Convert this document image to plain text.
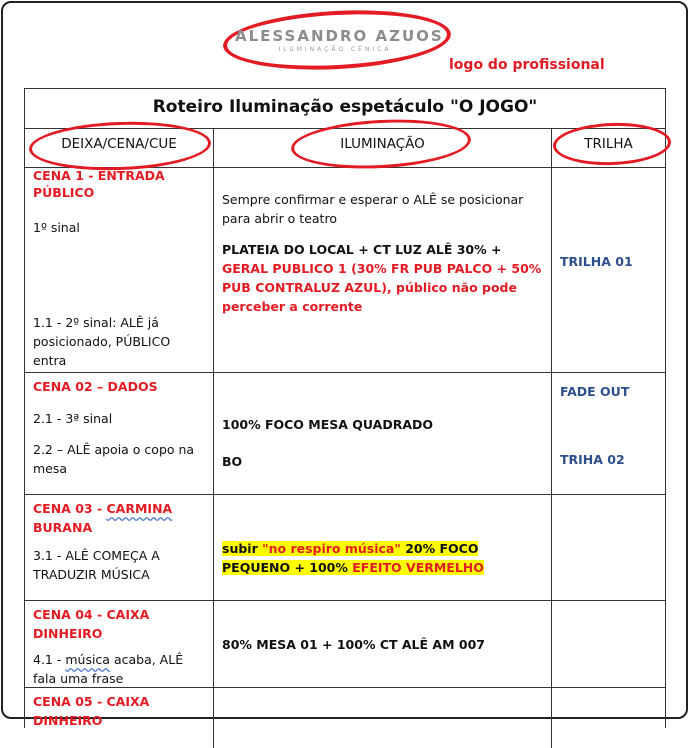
ALESSANDRO AZUOS
ILUMINAÇÃO CÊNICA
logo do profissional
Roteiro Iluminação espetáculo "O JOGO"
DEIXA/CENA/CUE	ILUMINAÇÃO	TRILHA
CENA 1 - ENTRADA PÚBLICO
1º sinal
1.1 - 2º sinal: ALÊ já posicionado, PÚBLICO entra
Sempre confirmar e esperar o ALÊ se posicionar para abrir o teatro
PLATEIA DO LOCAL + CT LUZ ALÊ 30% + GERAL PUBLICO 1 (30% FR PUB PALCO + 50% PUB CONTRALUZ AZUL), público não pode perceber a corrente
TRILHA 01
CENA 02 – DADOS
2.1 - 3ª sinal
2.2 – ALÊ apoia o copo na mesa
100% FOCO MESA QUADRADO
BO
FADE OUT
TRIHA 02
CENA 03 - CARMINA BURANA
3.1 - ALÊ COMEÇA A TRADUZIR MÚSICA
subir "no respiro música" 20% FOCO PEQUENO + 100% EFEITO VERMELHO
CENA 04 - CAIXA DINHEIRO
4.1 - música acaba, ALÊ fala uma frase
80% MESA 01 + 100% CT ALÊ AM 007
CENA 05 - CAIXA DINHEIRO
